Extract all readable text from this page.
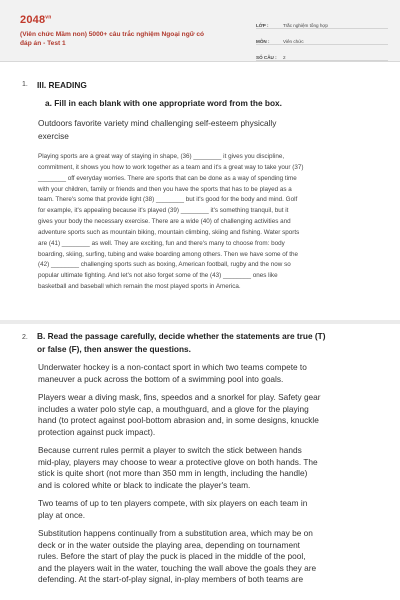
$2048^{vn}$
(Viên chức Mầm non) 5000+ câu trắc nghiệm Ngoại ngữ có
đáp án - Test 1
LỚP :	Trắc nghiệm tổng hợp
MÔN :	Viên chức
SỐ CÂU :	2
1. III. READING
a. Fill in each blank with one appropriate word from the box.
Outdoors favorite variety mind challenging self-esteem physically
exercise

Playing sports are a great way of staying in shape, (36) ________ it gives you discipline,

commitment, it shows you how to work together as a team and it's a great way to take your (37)

________ off everyday worries. There are sports that can be done as a way of spending time

with your children, family or friends and then you have the sports that has to be played as a

team. There's some that provide light (38) ________ but it's good for the body and mind. Golf

for example, it's appealing because it's played (39) ________ it's something tranquil, but it

gives your body the necessary exercise. There are a wide (40) of challenging activities and

adventure sports such as mountain biking, mountain climbing, skiing and fishing. Water sports

are (41) ________ as well. They are exciting, fun and there's many to choose from: body

boarding, skiing, surfing, tubing and wake boarding among others. Then we have some of the

(42) ________ challenging sports such as boxing, American football, rugby and the now so

popular ultimate fighting. And let's not also forget some of the (43) ________ ones like

basketball and baseball which remain the most played sports in America.

2. B. Read the passage carefully, decide whether the statements are true (T)
or false (F), then answer the questions.

Underwater hockey is a non-contact sport in which two teams compete to

maneuver a puck across the bottom of a swimming pool into goals.

Players wear a diving mask, fins, speedos and a snorkel for play. Safety gear

includes a water polo style cap, a mouthguard, and a glove for the playing

hand (to protect against pool-bottom abrasion and, in some designs, knuckle

protection against puck impact).

Because current rules permit a player to switch the stick between hands

mid-play, players may choose to wear a protective glove on both hands. The

stick is quite short (not more than 350 mm in length, including the handle)

and is colored white or black to indicate the player's team.

Two teams of up to ten players compete, with six players on each team in

play at once.

Substitution happens continually from a substitution area, which may be on

deck or in the water outside the playing area, depending on tournament

rules. Before the start of play the puck is placed in the middle of the pool,

and the players wait in the water, touching the wall above the goals they are

defending. At the start-of-play signal, in-play members of both teams are
